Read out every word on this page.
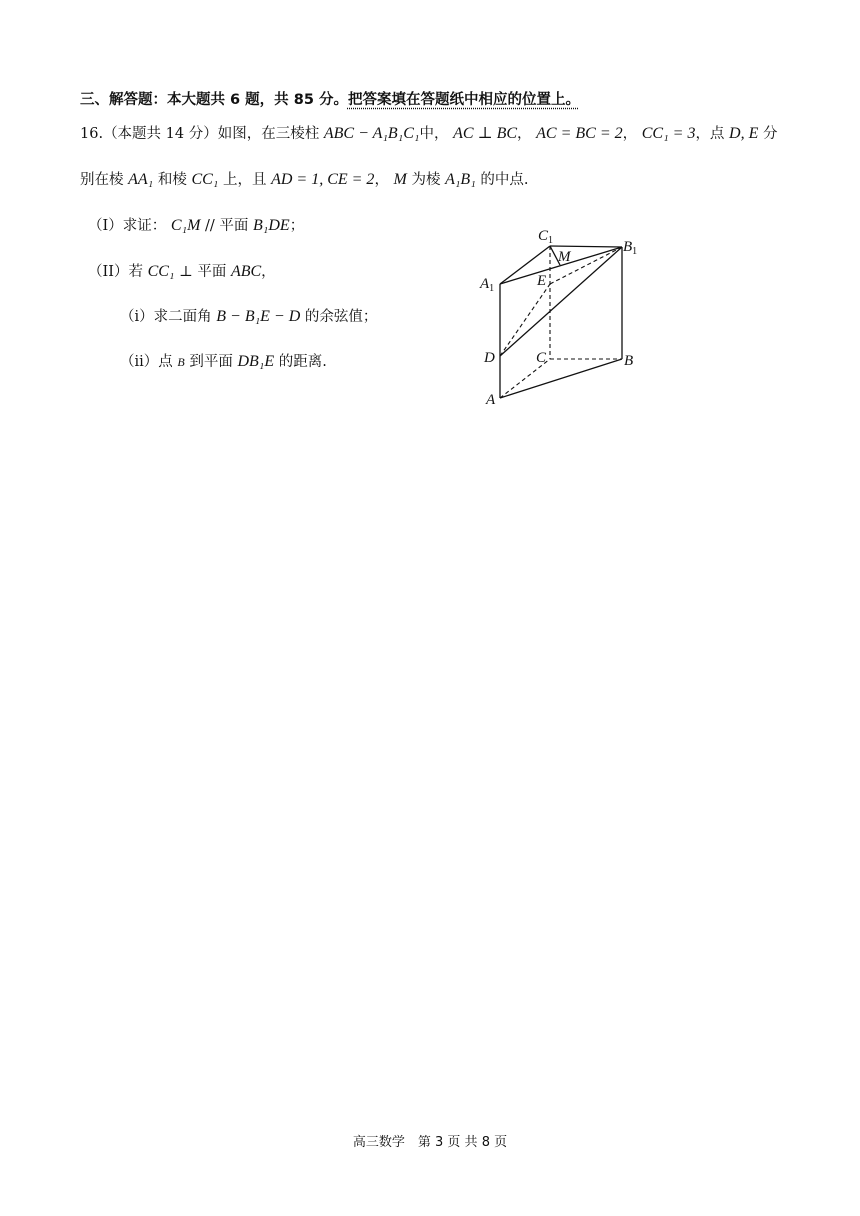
三、解答题：本大题共 6 题，共 85 分。把答案填在答题纸中相应的位置上。
16.（本题共 14 分）如图，在三棱柱 ABC − A₁B₁C₁中， AC ⊥ BC， AC = BC = 2， CC₁ = 3，点 D, E 分
别在棱 AA₁ 和棱 CC₁ 上，且 AD = 1, CE = 2， M 为棱 A₁B₁ 的中点.
（I）求证： C₁M // 平面 B₁DE；
（II）若 CC₁ ⊥ 平面 ABC，
（i）求二面角 B − B₁E − D 的余弦值；
（ii）点 B 到平面 DB₁E 的距离.
$C_1$
M
$B_1$
$A_1$	E
D	C	B
A
高三数学　第 3 页 共 8 页
